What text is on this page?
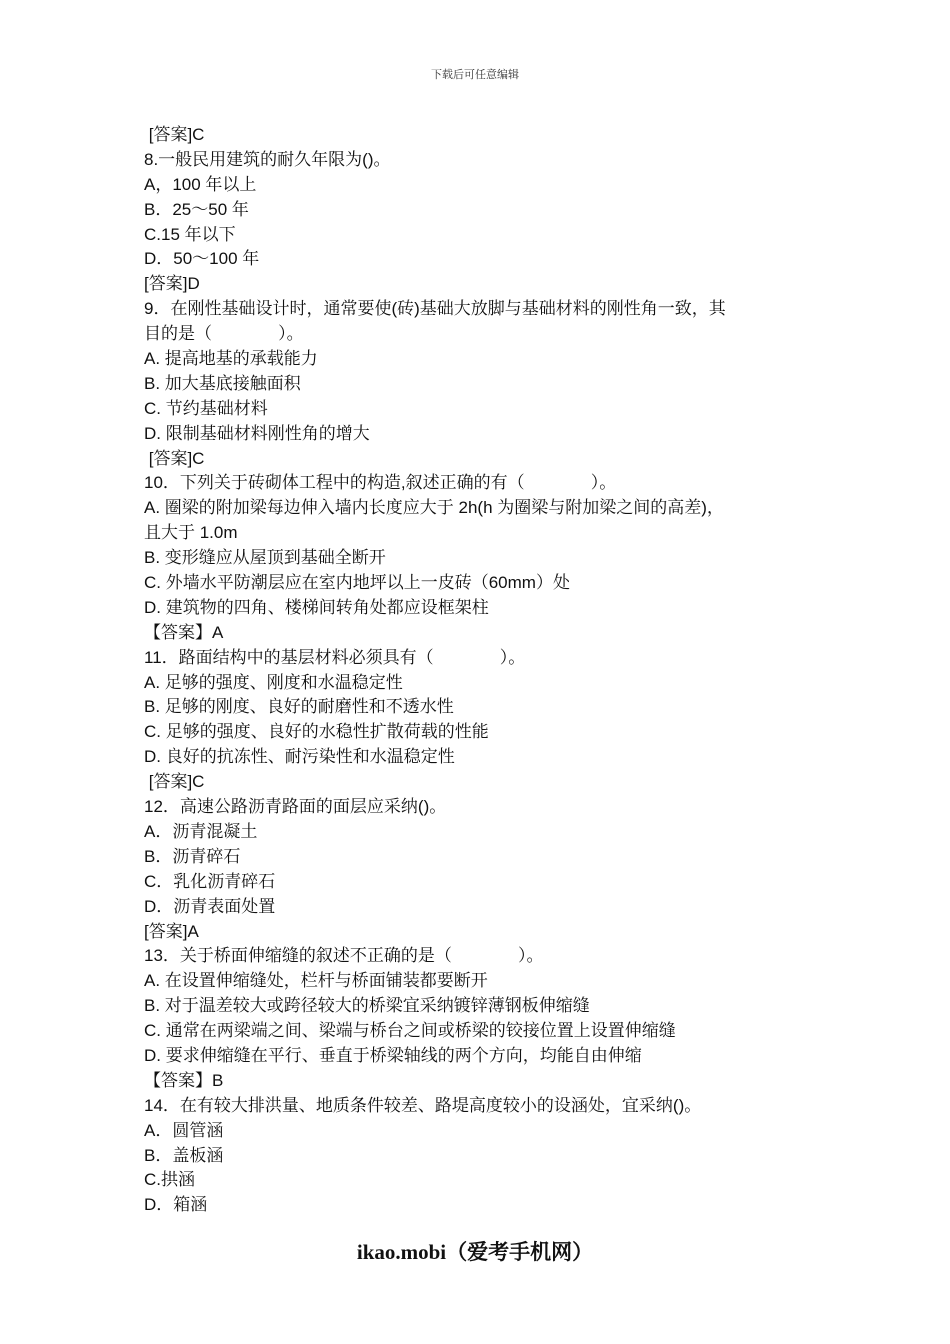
下载后可任意编辑
[答案]C
8.一般民用建筑的耐久年限为()。
A，100 年以上
B．25～50 年
C.15 年以下
D．50～100 年
[答案]D
9．在刚性基础设计时，通常要使(砖)基础大放脚与基础材料的刚性角一致，其
目的是（              ）。
A. 提高地基的承载能力
B. 加大基底接触面积
C. 节约基础材料
D. 限制基础材料刚性角的增大
[答案]C
10．下列关于砖砌体工程中的构造,叙述正确的有（              ）。
A. 圈梁的附加梁每边伸入墙内长度应大于 2h(h 为圈梁与附加梁之间的高差)，
且大于 1.0m
B. 变形缝应从屋顶到基础全断开
C. 外墙水平防潮层应在室内地坪以上一皮砖（60mm）处
D. 建筑物的四角、楼梯间转角处都应设框架柱
【答案】A
11．路面结构中的基层材料必须具有（              ）。
A. 足够的强度、刚度和水温稳定性
B. 足够的刚度、良好的耐磨性和不透水性
C. 足够的强度、良好的水稳性扩散荷载的性能
D. 良好的抗冻性、耐污染性和水温稳定性
[答案]C
12．高速公路沥青路面的面层应采纳()。
A．沥青混凝土
B．沥青碎石
C．乳化沥青碎石
D．沥青表面处置
[答案]A
13．关于桥面伸缩缝的叙述不正确的是（              ）。
A. 在设置伸缩缝处，栏杆与桥面铺装都要断开
B. 对于温差较大或跨径较大的桥梁宜采纳镀锌薄钢板伸缩缝
C. 通常在两梁端之间、梁端与桥台之间或桥梁的铰接位置上设置伸缩缝
D. 要求伸缩缝在平行、垂直于桥梁轴线的两个方向，均能自由伸缩
【答案】B
14．在有较大排洪量、地质条件较差、路堤高度较小的设涵处，宜采纳()。
A．圆管涵
B．盖板涵
C.拱涵
D．箱涵
ikao.mobi（爱考手机网）
